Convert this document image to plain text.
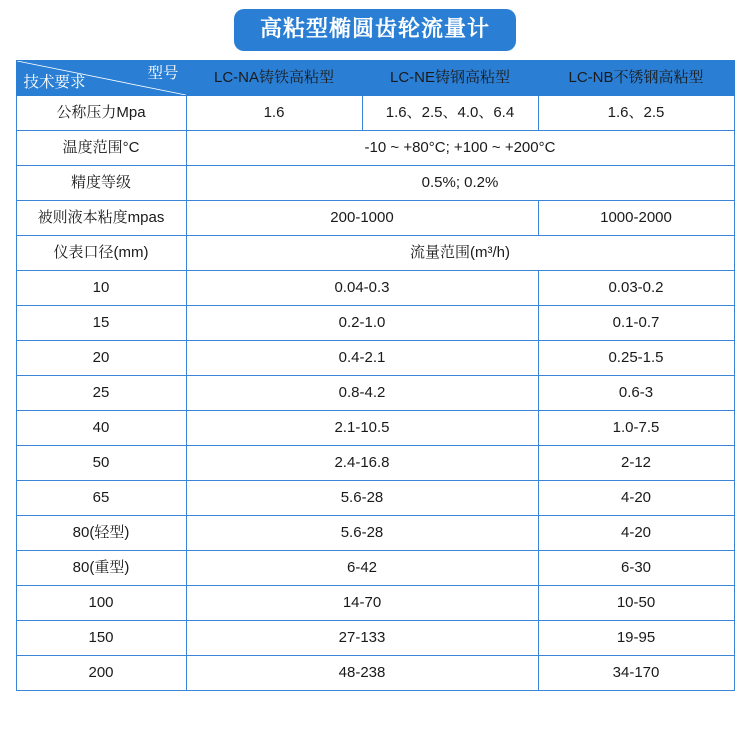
高粘型椭圆齿轮流量计
型号
技术要求	LC-NA铸铁高粘型	LC-NE铸钢高粘型	LC-NB不锈钢高粘型
公称压力Mpa	1.6	1.6、2.5、4.0、6.4	1.6、2.5
温度范围°C	-10 ~ +80°C; +100 ~ +200°C		
精度等级	0.5%; 0.2%		
被则液本粘度mpas	200-1000		1000-2000
仪表口径(mm)	流量范围(m³/h)		
10	0.04-0.3		0.03-0.2
15	0.2-1.0		0.1-0.7
20	0.4-2.1		0.25-1.5
25	0.8-4.2		0.6-3
40	2.1-10.5		1.0-7.5
50	2.4-16.8		2-12
65	5.6-28		4-20
80(轻型)	5.6-28		4-20
80(重型)	6-42		6-30
100	14-70		10-50
150	27-133		19-95
200	48-238		34-170
